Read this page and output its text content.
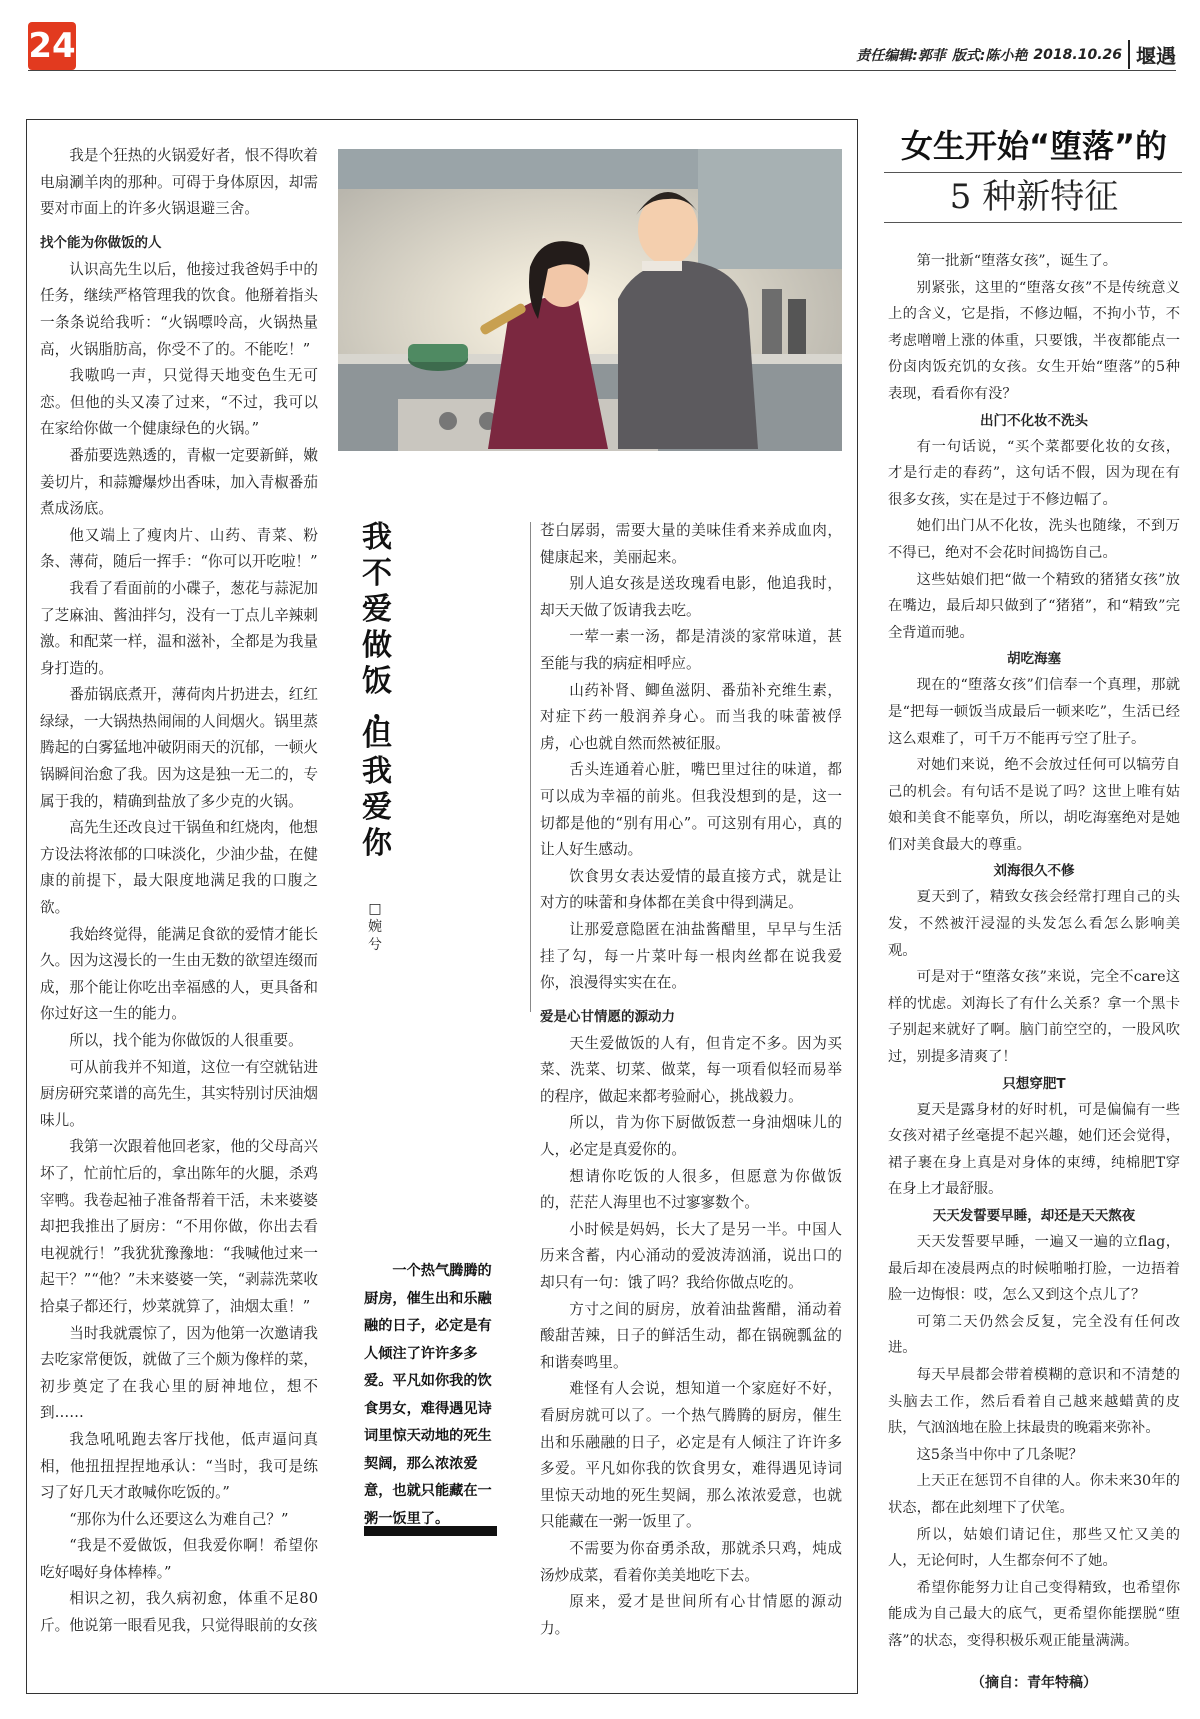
24	责任编辑:郭菲 版式:陈小艳 2018.10.26 堰遇

我是个狂热的火锅爱好者，恨不得吹着电扇涮羊肉的那种。可碍于身体原因，却需要对市面上的许多火锅退避三舍。

找个能为你做饭的人

认识高先生以后，他接过我爸妈手中的任务，继续严格管理我的饮食。他掰着指头一条条说给我听：“火锅嘌呤高，火锅热量高，火锅脂肪高，你受不了的。不能吃！”

我嗷呜一声，只觉得天地变色生无可恋。但他的头又凑了过来，“不过，我可以在家给你做一个健康绿色的火锅。”

番茄要选熟透的，青椒一定要新鲜，嫩姜切片，和蒜瓣爆炒出香味，加入青椒番茄煮成汤底。

他又端上了瘦肉片、山药、青菜、粉条、薄荷，随后一挥手：“你可以开吃啦！”

我看了看面前的小碟子，葱花与蒜泥加了芝麻油、酱油拌匀，没有一丁点儿辛辣刺激。和配菜一样，温和滋补，全都是为我量身打造的。

番茄锅底煮开，薄荷肉片扔进去，红红绿绿，一大锅热热闹闹的人间烟火。锅里蒸腾起的白雾猛地冲破阴雨天的沉郁，一顿火锅瞬间治愈了我。因为这是独一无二的，专属于我的，精确到盐放了多少克的火锅。

高先生还改良过干锅鱼和红烧肉，他想方设法将浓郁的口味淡化，少油少盐，在健康的前提下，最大限度地满足我的口腹之欲。

我始终觉得，能满足食欲的爱情才能长久。因为这漫长的一生由无数的欲望连缀而成，那个能让你吃出幸福感的人，更具备和你过好这一生的能力。

所以，找个能为你做饭的人很重要。

可从前我并不知道，这位一有空就钻进厨房研究菜谱的高先生，其实特别讨厌油烟味儿。

我第一次跟着他回老家，他的父母高兴坏了，忙前忙后的，拿出陈年的火腿，杀鸡宰鸭。我卷起袖子准备帮着干活，未来婆婆却把我推出了厨房：“不用你做，你出去看电视就行！”我犹犹豫豫地：“我喊他过来一起干？”“他？”未来婆婆一笑，“剥蒜洗菜收拾桌子都还行，炒菜就算了，油烟太重！”

当时我就震惊了，因为他第一次邀请我去吃家常便饭，就做了三个颇为像样的菜，初步奠定了在我心里的厨神地位，想不到……

我急吼吼跑去客厅找他，低声逼问真相，他扭扭捏捏地承认：“当时，我可是练习了好几天才敢喊你吃饭的。”

“那你为什么还要这么为难自己？”

“我是不爱做饭，但我爱你啊！希望你吃好喝好身体棒棒。”

相识之初，我久病初愈，体重不足80斤。他说第一眼看见我，只觉得眼前的女孩

我
不
爱
做
饭
，
但
我
爱
你
□
婉
兮

苍白孱弱，需要大量的美味佳肴来养成血肉，健康起来，美丽起来。

别人追女孩是送玫瑰看电影，他追我时，却天天做了饭请我去吃。

一荤一素一汤，都是清淡的家常味道，甚至能与我的病症相呼应。

山药补肾、鲫鱼滋阴、番茄补充维生素，对症下药一般润养身心。而当我的味蕾被俘虏，心也就自然而然被征服。

舌头连通着心脏，嘴巴里过往的味道，都可以成为幸福的前兆。但我没想到的是，这一切都是他的“别有用心”。可这别有用心，真的让人好生感动。

饮食男女表达爱情的最直接方式，就是让对方的味蕾和身体都在美食中得到满足。

让那爱意隐匿在油盐酱醋里，早早与生活挂了勾，每一片菜叶每一根肉丝都在说我爱你，浪漫得实实在在。

爱是心甘情愿的源动力

天生爱做饭的人有，但肯定不多。因为买菜、洗菜、切菜、做菜，每一项看似轻而易举的程序，做起来都考验耐心，挑战毅力。

所以，肯为你下厨做饭惹一身油烟味儿的人，必定是真爱你的。

想请你吃饭的人很多，但愿意为你做饭的，茫茫人海里也不过寥寥数个。

小时候是妈妈，长大了是另一半。中国人历来含蓄，内心涌动的爱波涛汹涌，说出口的却只有一句：饿了吗？我给你做点吃的。

方寸之间的厨房，放着油盐酱醋，涌动着酸甜苦辣，日子的鲜活生动，都在锅碗瓢盆的和谐奏鸣里。

难怪有人会说，想知道一个家庭好不好，看厨房就可以了。一个热气腾腾的厨房，催生出和乐融融的日子，必定是有人倾注了许许多多爱。平凡如你我的饮食男女，难得遇见诗词里惊天动地的死生契阔，那么浓浓爱意，也就只能藏在一粥一饭里了。

不需要为你奋勇杀敌，那就杀只鸡，炖成汤炒成菜，看着你美美地吃下去。

原来，爱才是世间所有心甘情愿的源动力。

一个热气腾腾的厨房，催生出和乐融融的日子，必定是有人倾注了许许多多爱。平凡如你我的饮食男女，难得遇见诗词里惊天动地的死生契阔，那么浓浓爱意，也就只能藏在一粥一饭里了。

女生开始“堕落”的
5 种新特征

第一批新“堕落女孩”，诞生了。

别紧张，这里的“堕落女孩”不是传统意义上的含义，它是指，不修边幅，不拘小节，不考虑噌噌上涨的体重，只要饿，半夜都能点一份卤肉饭充饥的女孩。女生开始“堕落”的5种表现，看看你有没？

出门不化妆不洗头

有一句话说，“买个菜都要化妆的女孩，才是行走的春药”，这句话不假，因为现在有很多女孩，实在是过于不修边幅了。

她们出门从不化妆，洗头也随缘，不到万不得已，绝对不会花时间捣饬自己。

这些姑娘们把“做一个精致的猪猪女孩”放在嘴边，最后却只做到了“猪猪”，和“精致”完全背道而驰。

胡吃海塞

现在的“堕落女孩”们信奉一个真理，那就是“把每一顿饭当成最后一顿来吃”，生活已经这么艰难了，可千万不能再亏空了肚子。

对她们来说，绝不会放过任何可以犒劳自己的机会。有句话不是说了吗？这世上唯有姑娘和美食不能辜负，所以，胡吃海塞绝对是她们对美食最大的尊重。

刘海很久不修

夏天到了，精致女孩会经常打理自己的头发，不然被汗浸湿的头发怎么看怎么影响美观。

可是对于“堕落女孩”来说，完全不care这样的忧虑。刘海长了有什么关系？拿一个黑卡子别起来就好了啊。脑门前空空的，一股风吹过，别提多清爽了！

只想穿肥T

夏天是露身材的好时机，可是偏偏有一些女孩对裙子丝毫提不起兴趣，她们还会觉得，裙子裹在身上真是对身体的束缚，纯棉肥T穿在身上才最舒服。

天天发誓要早睡，却还是天天熬夜

天天发誓要早睡，一遍又一遍的立flag，最后却在凌晨两点的时候啪啪打脸，一边捂着脸一边悔恨：哎，怎么又到这个点儿了？

可第二天仍然会反复，完全没有任何改进。

每天早晨都会带着模糊的意识和不清楚的头脑去工作，然后看着自己越来越蜡黄的皮肤，气汹汹地在脸上抹最贵的晚霜来弥补。

这5条当中你中了几条呢？

上天正在惩罚不自律的人。你未来30年的状态，都在此刻埋下了伏笔。

所以，姑娘们请记住，那些又忙又美的人，无论何时，人生都奈何不了她。

希望你能努力让自己变得精致，也希望你能成为自己最大的底气，更希望你能摆脱“堕落”的状态，变得积极乐观正能量满满。

（摘自：青年特稿）
